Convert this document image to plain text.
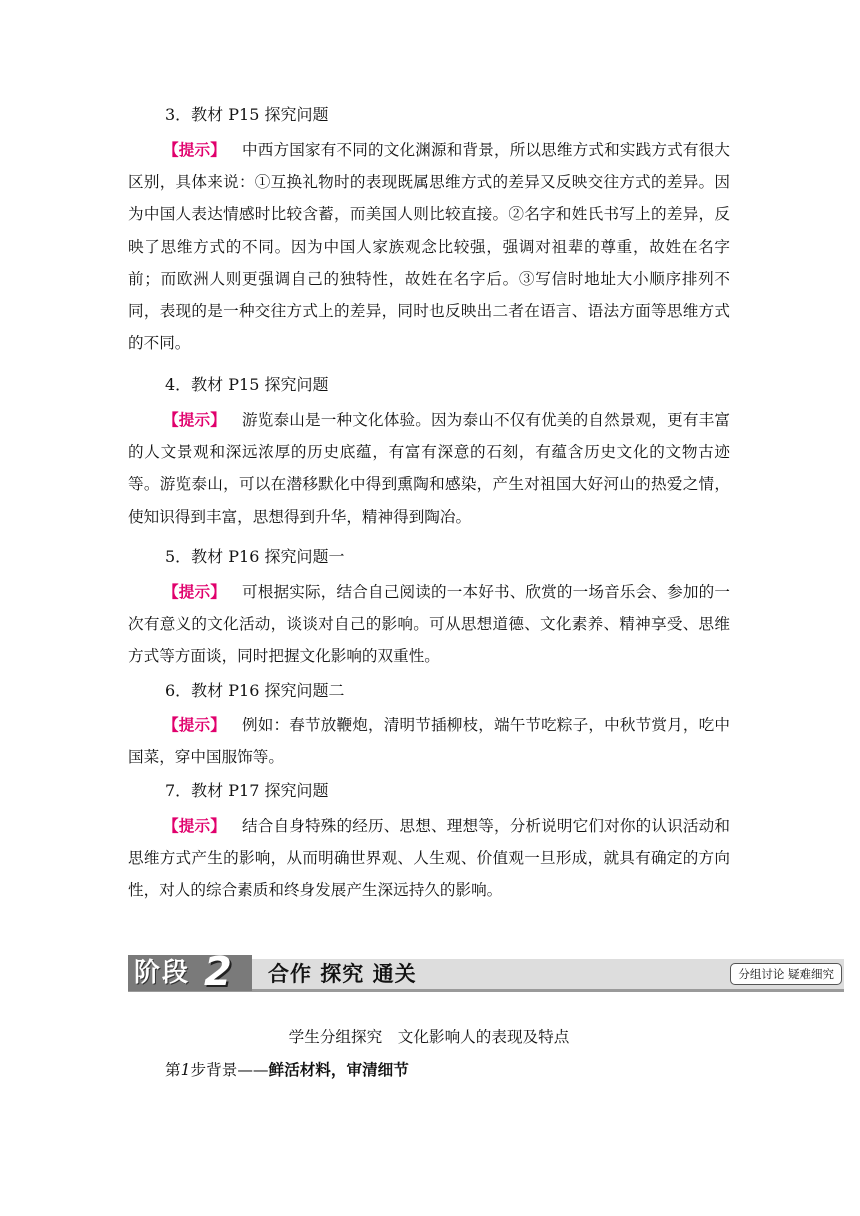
3．教材 P15 探究问题

【提示】 中西方国家有不同的文化渊源和背景，所以思维方式和实践方式有很大区别，具体来说：①互换礼物时的表现既属思维方式的差异又反映交往方式的差异。因为中国人表达情感时比较含蓄，而美国人则比较直接。②名字和姓氏书写上的差异，反映了思维方式的不同。因为中国人家族观念比较强，强调对祖辈的尊重，故姓在名字前；而欧洲人则更强调自己的独特性，故姓在名字后。③写信时地址大小顺序排列不同，表现的是一种交往方式上的差异，同时也反映出二者在语言、语法方面等思维方式的不同。

4．教材 P15 探究问题

【提示】 游览泰山是一种文化体验。因为泰山不仅有优美的自然景观，更有丰富的人文景观和深远浓厚的历史底蕴，有富有深意的石刻，有蕴含历史文化的文物古迹等。游览泰山，可以在潜移默化中得到熏陶和感染，产生对祖国大好河山的热爱之情，使知识得到丰富，思想得到升华，精神得到陶冶。

5．教材 P16 探究问题一

【提示】 可根据实际，结合自己阅读的一本好书、欣赏的一场音乐会、参加的一次有意义的文化活动，谈谈对自己的影响。可从思想道德、文化素养、精神享受、思维方式等方面谈，同时把握文化影响的双重性。

6．教材 P16 探究问题二

【提示】 例如：春节放鞭炮，清明节插柳枝，端午节吃粽子，中秋节赏月，吃中国菜，穿中国服饰等。

7．教材 P17 探究问题

【提示】 结合自身特殊的经历、思想、理想等，分析说明它们对你的认识活动和思维方式产生的影响，从而明确世界观、人生观、价值观一旦形成，就具有确定的方向性，对人的综合素质和终身发展产生深远持久的影响。

阶段 2 合作 探究 通关	分组讨论 疑难细究
学生分组探究　文化影响人的表现及特点
第1步背景——鲜活材料，审清细节
